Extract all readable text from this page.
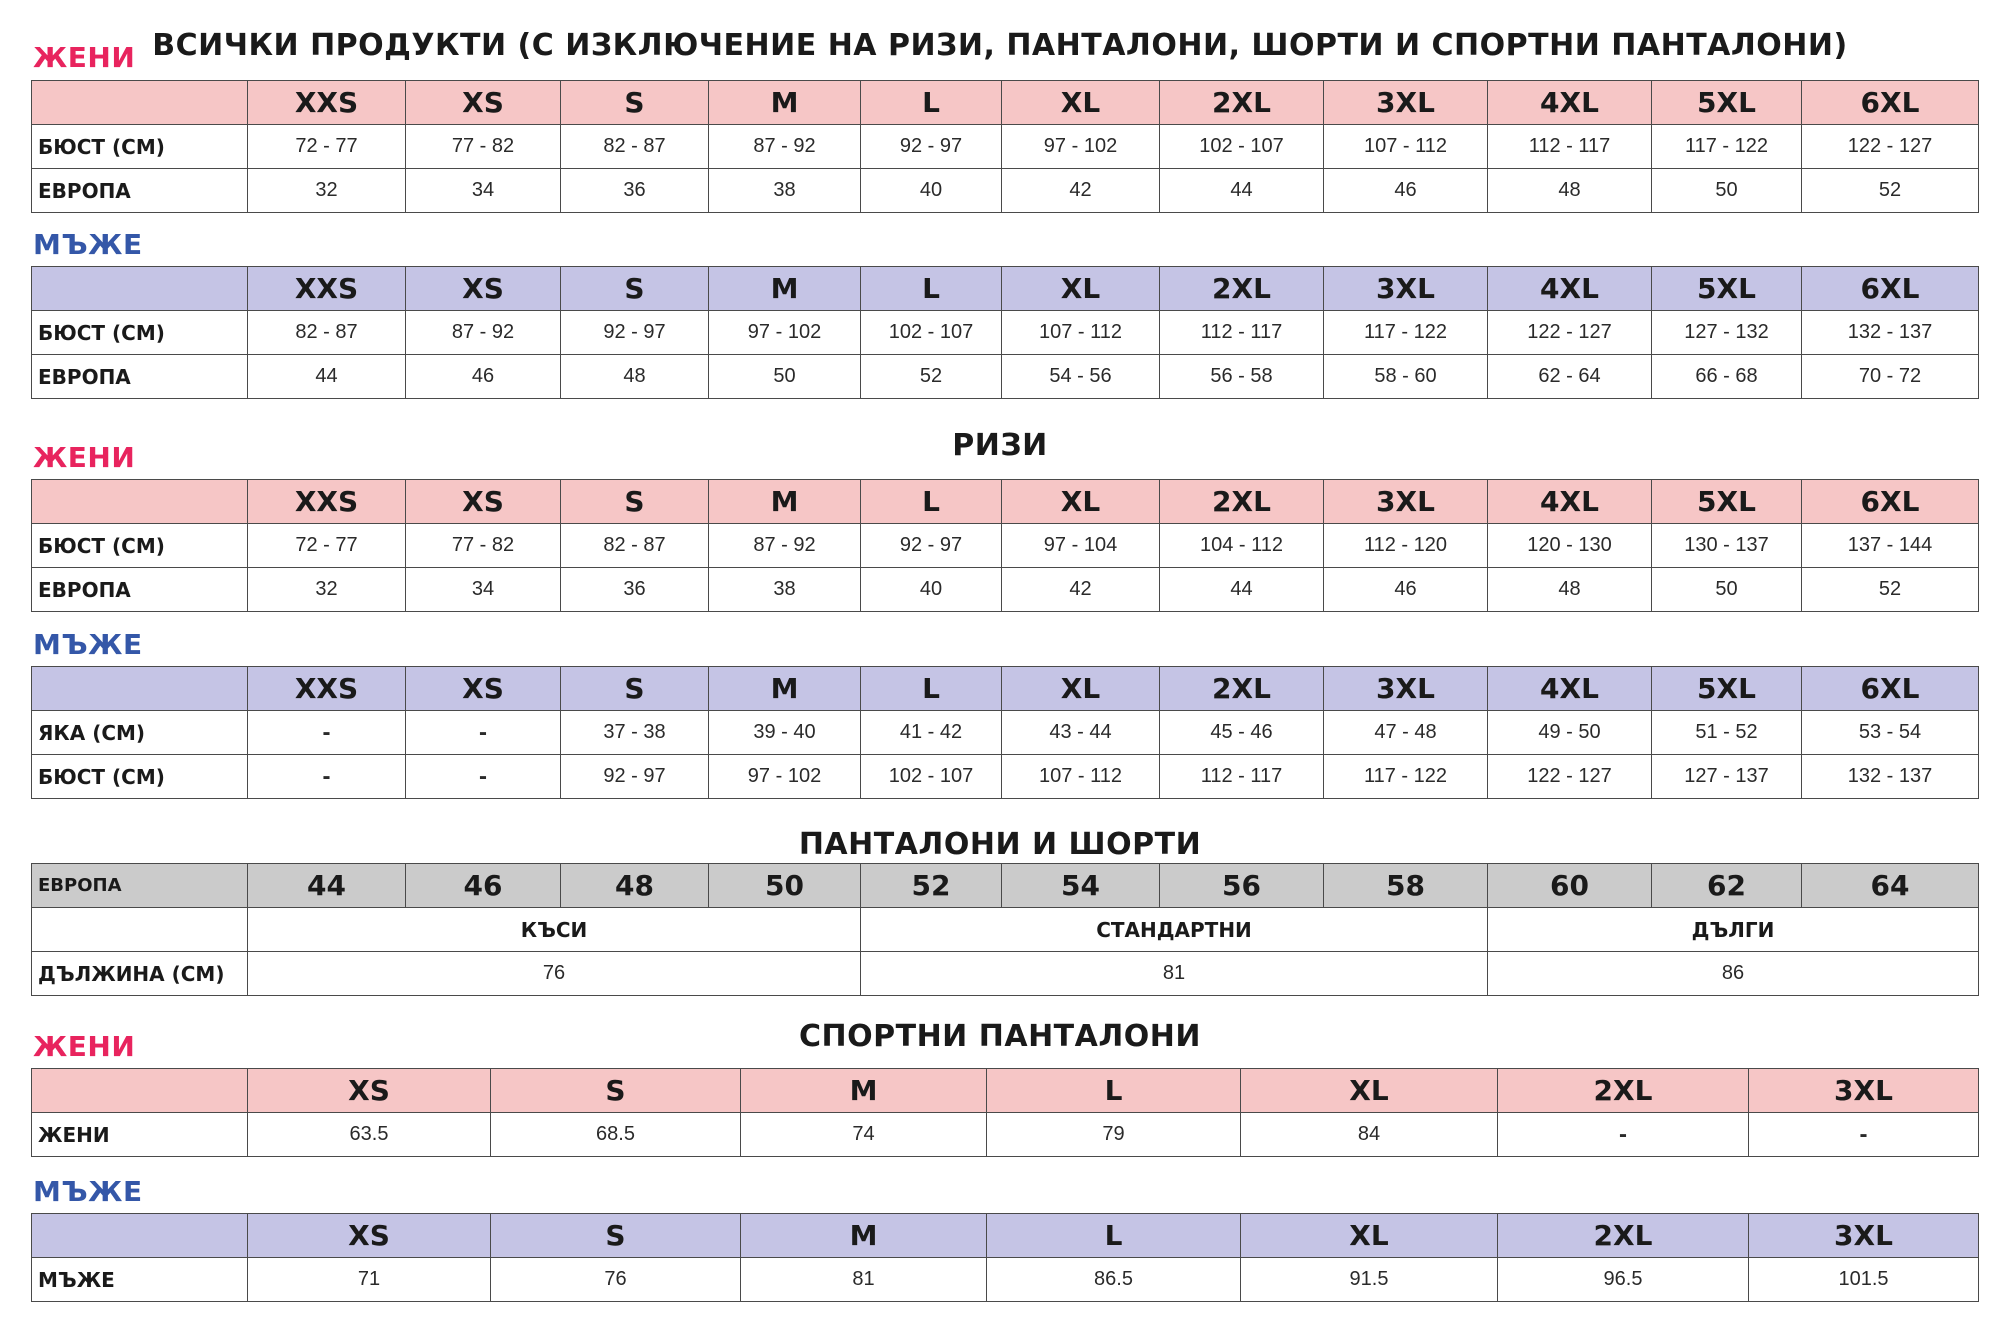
ВСИЧКИ ПРОДУКТИ (С ИЗКЛЮЧЕНИЕ НА РИЗИ, ПАНТАЛОНИ, ШОРТИ И СПОРТНИ ПАНТАЛОНИ)
ЖЕНИ
	XXS	XS	S	M	L	XL	2XL	3XL	4XL	5XL	6XL
БЮСТ (СМ)	72 - 77	77 - 82	82 - 87	87 - 92	92 - 97	97 - 102	102 - 107	107 - 112	112 - 117	117 - 122	122 - 127
ЕВРОПА	32	34	36	38	40	42	44	46	48	50	52
МЪЖЕ
	XXS	XS	S	M	L	XL	2XL	3XL	4XL	5XL	6XL
БЮСТ (СМ)	82 - 87	87 - 92	92 - 97	97 - 102	102 - 107	107 - 112	112 - 117	117 - 122	122 - 127	127 - 132	132 - 137
ЕВРОПА	44	46	48	50	52	54 - 56	56 - 58	58 - 60	62 - 64	66 - 68	70 - 72
РИЗИ
ЖЕНИ
	XXS	XS	S	M	L	XL	2XL	3XL	4XL	5XL	6XL
БЮСТ (СМ)	72 - 77	77 - 82	82 - 87	87 - 92	92 - 97	97 - 104	104 - 112	112 - 120	120 - 130	130 - 137	137 - 144
ЕВРОПА	32	34	36	38	40	42	44	46	48	50	52
МЪЖЕ
	XXS	XS	S	M	L	XL	2XL	3XL	4XL	5XL	6XL
ЯКА (СМ)	-	-	37 - 38	39 - 40	41 - 42	43 - 44	45 - 46	47 - 48	49 - 50	51 - 52	53 - 54
БЮСТ (СМ)	-	-	92 - 97	97 - 102	102 - 107	107 - 112	112 - 117	117 - 122	122 - 127	127 - 137	132 - 137
ПАНТАЛОНИ И ШОРТИ
ЕВРОПА	44	46	48	50	52	54	56	58	60	62	64
	КЪСИ				СТАНДАРТНИ				ДЪЛГИ		
ДЪЛЖИНА (СМ)	76				81				86		
СПОРТНИ ПАНТАЛОНИ
ЖЕНИ
	XS	S	M	L	XL	2XL	3XL
ЖЕНИ	63.5	68.5	74	79	84	-	-
МЪЖЕ
	XS	S	M	L	XL	2XL	3XL
МЪЖЕ	71	76	81	86.5	91.5	96.5	101.5
